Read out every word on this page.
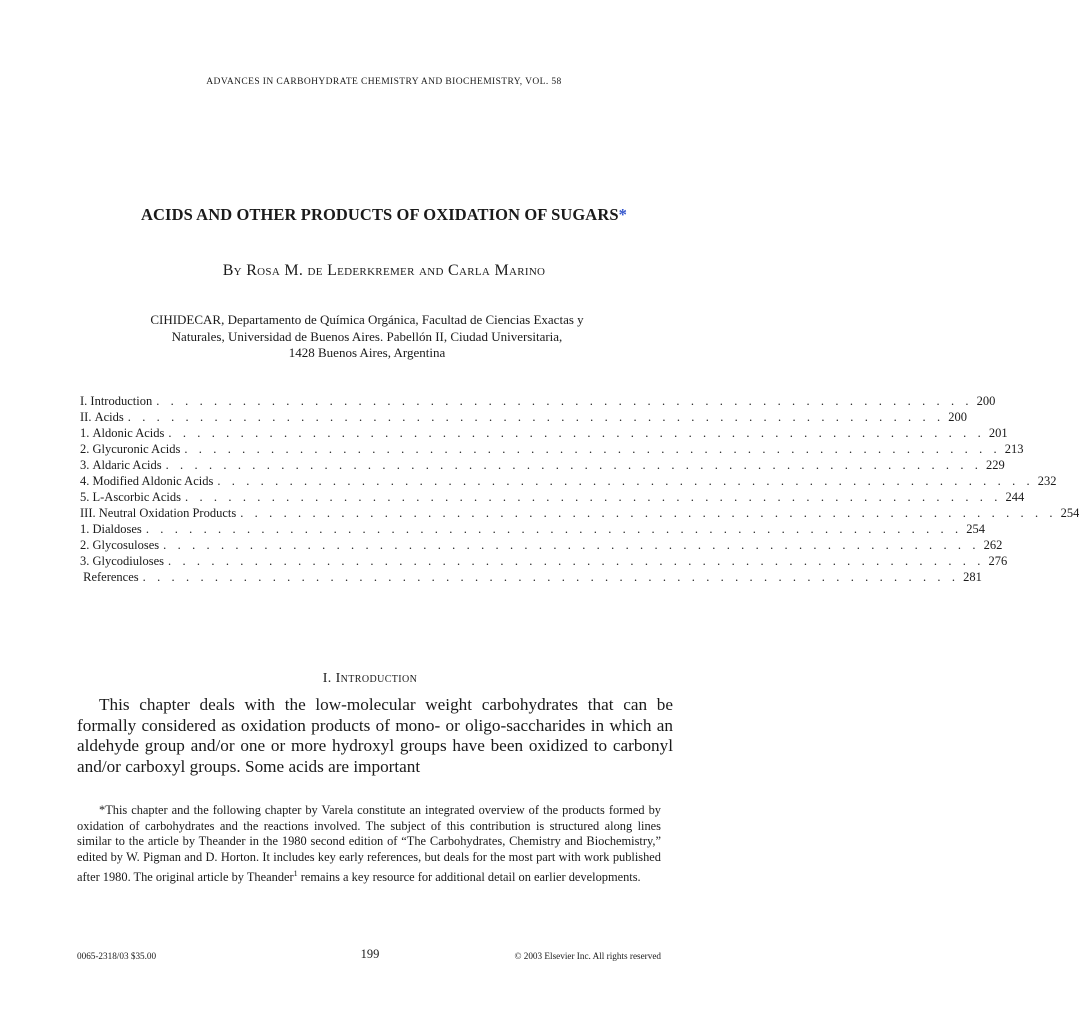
ADVANCES IN CARBOHYDRATE CHEMISTRY AND BIOCHEMISTRY, VOL. 58
ACIDS AND OTHER PRODUCTS OF OXIDATION OF SUGARS*
By Rosa M. de Lederkremer and Carla Marino
CIHIDECAR, Departamento de Química Orgánica, Facultad de Ciencias Exactas y
Naturales, Universidad de Buenos Aires. Pabellón II, Ciudad Universitaria,
1428 Buenos Aires, Argentina
I.
Introduction . . . . . . . . . . . . . . . . . . . . . . . . . . . . . . . . . . . . . . . . . . . . . . . . . . . . . . . . . 200
II.
Acids . . . . . . . . . . . . . . . . . . . . . . . . . . . . . . . . . . . . . . . . . . . . . . . . . . . . . . . . . 200
1.
Aldonic Acids . . . . . . . . . . . . . . . . . . . . . . . . . . . . . . . . . . . . . . . . . . . . . . . . . . . . . . . . . 201
2.
Glycuronic Acids . . . . . . . . . . . . . . . . . . . . . . . . . . . . . . . . . . . . . . . . . . . . . . . . . . . . . . . . . 213
3.
Aldaric Acids . . . . . . . . . . . . . . . . . . . . . . . . . . . . . . . . . . . . . . . . . . . . . . . . . . . . . . . . . 229
4.
Modified Aldonic Acids . . . . . . . . . . . . . . . . . . . . . . . . . . . . . . . . . . . . . . . . . . . . . . . . . . . . . . . . . 232
5.
L-Ascorbic Acids . . . . . . . . . . . . . . . . . . . . . . . . . . . . . . . . . . . . . . . . . . . . . . . . . . . . . . . . . 244
III.
Neutral Oxidation Products . . . . . . . . . . . . . . . . . . . . . . . . . . . . . . . . . . . . . . . . . . . . . . . . . . . . . . . . . 254
1.
Dialdoses . . . . . . . . . . . . . . . . . . . . . . . . . . . . . . . . . . . . . . . . . . . . . . . . . . . . . . . . . 254
2.
Glycosuloses . . . . . . . . . . . . . . . . . . . . . . . . . . . . . . . . . . . . . . . . . . . . . . . . . . . . . . . . . 262
3.
Glycodiuloses . . . . . . . . . . . . . . . . . . . . . . . . . . . . . . . . . . . . . . . . . . . . . . . . . . . . . . . . . 276

References . . . . . . . . . . . . . . . . . . . . . . . . . . . . . . . . . . . . . . . . . . . . . . . . . . . . . . . . . 281
I. Introduction

This chapter deals with the low-molecular weight carbohydrates that can be formally considered as oxidation products of mono- or oligo-saccharides in which an aldehyde group and/or one or more hydroxyl groups have been oxidized to carbonyl and/or carboxyl groups. Some acids are important

*This chapter and the following chapter by Varela constitute an integrated overview of the products formed by oxidation of carbohydrates and the reactions involved. The subject of this contribution is structured along lines similar to the article by Theander in the 1980 second edition of “The Carbohydrates, Chemistry and Biochemistry,” edited by W. Pigman and D. Horton. It includes key early references, but deals for the most part with work published after 1980. The original article by Theander$^1$ remains a key resource for additional detail on earlier developments.

0065-2318/03 $35.00	199	© 2003 Elsevier Inc. All rights reserved
